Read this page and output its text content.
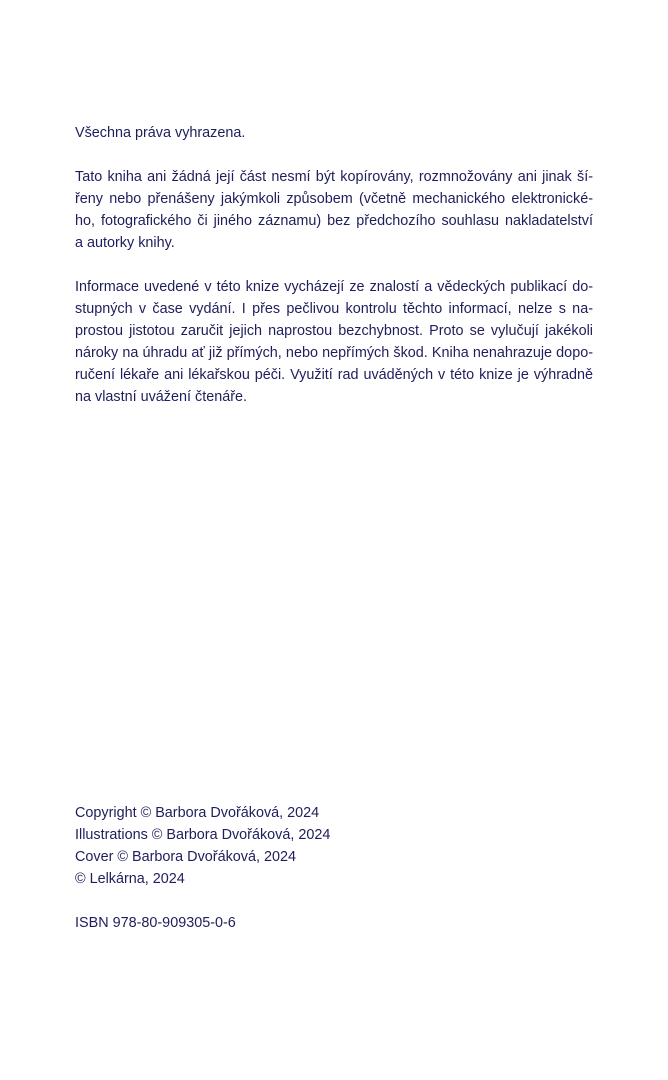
Všechna práva vyhrazena.
Tato kniha ani žádná její část nesmí být kopírovány, rozmnožovány ani jinak ší-
řeny nebo přenášeny jakýmkoli způsobem (včetně mechanického elektronické-
ho, fotografického či jiného záznamu) bez předchozího souhlasu nakladatelství
a autorky knihy.
Informace uvedené v této knize vycházejí ze znalostí a vědeckých publikací do-
stupných v čase vydání. I přes pečlivou kontrolu těchto informací, nelze s na-
prostou jistotou zaručit jejich naprostou bezchybnost. Proto se vylučují jakékoli
nároky na úhradu ať již přímých, nebo nepřímých škod. Kniha nenahrazuje dopo-
ručení lékaře ani lékařskou péči. Využití rad uváděných v této knize je výhradně
na vlastní uvážení čtenáře.
Copyright © Barbora Dvořáková, 2024
Illustrations © Barbora Dvořáková, 2024
Cover © Barbora Dvořáková, 2024
© Lelkárna, 2024
ISBN 978-80-909305-0-6
